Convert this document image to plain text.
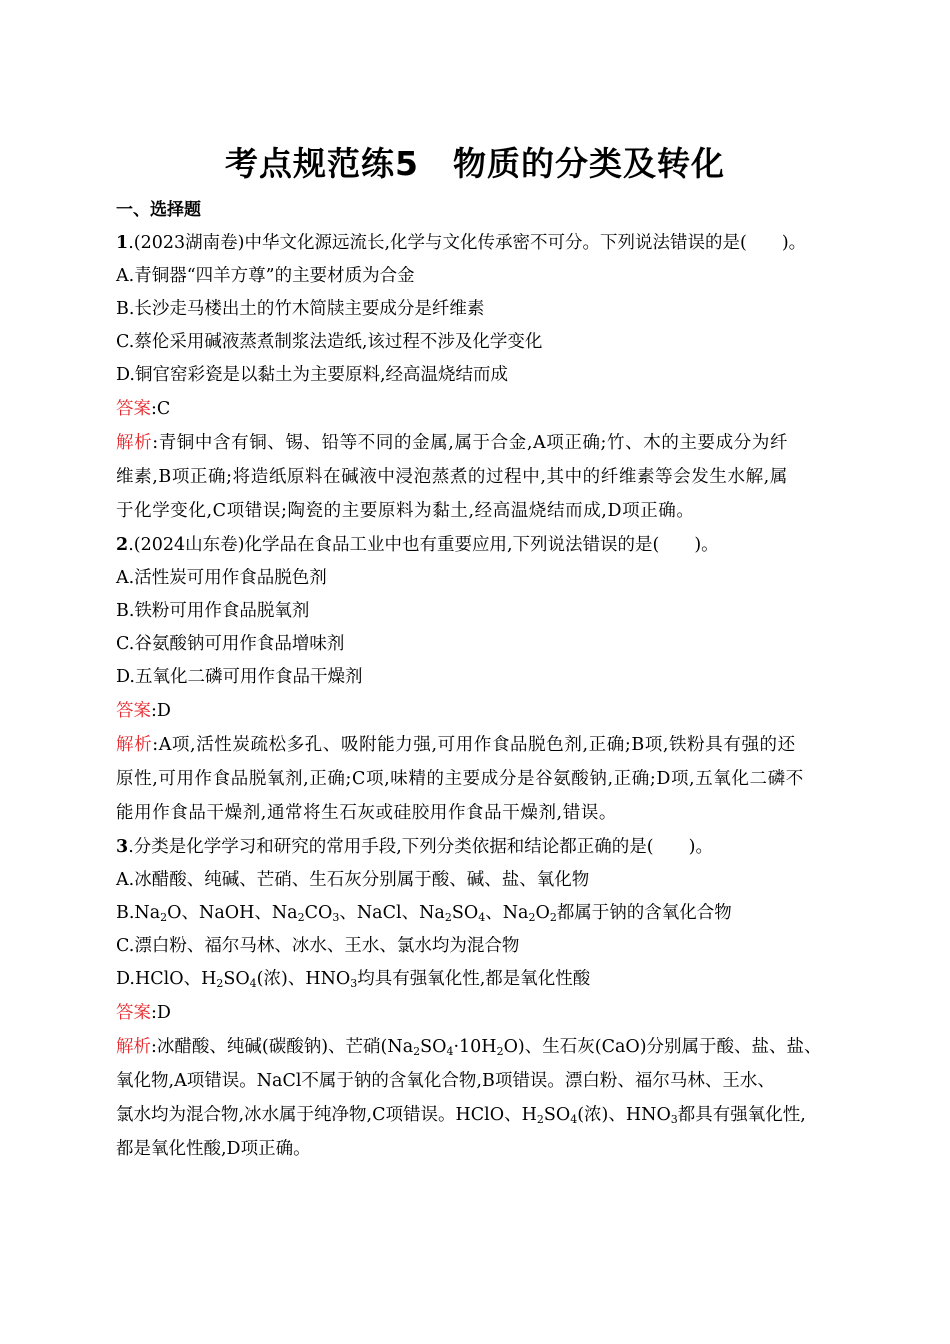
考点规范练5　物质的分类及转化
一、选择题
1.(2023湖南卷)中华文化源远流长,化学与文化传承密不可分。下列说法错误的是(　　)。
A.青铜器“四羊方尊”的主要材质为合金
B.长沙走马楼出土的竹木简牍主要成分是纤维素
C.蔡伦采用碱液蒸煮制浆法造纸,该过程不涉及化学变化
D.铜官窑彩瓷是以黏土为主要原料,经高温烧结而成
答案:C
解析:青铜中含有铜、锡、铅等不同的金属,属于合金,A项正确;竹、木的主要成分为纤
维素,B项正确;将造纸原料在碱液中浸泡蒸煮的过程中,其中的纤维素等会发生水解,属
于化学变化,C项错误;陶瓷的主要原料为黏土,经高温烧结而成,D项正确。
2.(2024山东卷)化学品在食品工业中也有重要应用,下列说法错误的是(　　)。
A.活性炭可用作食品脱色剂
B.铁粉可用作食品脱氧剂
C.谷氨酸钠可用作食品增味剂
D.五氧化二磷可用作食品干燥剂
答案:D
解析:A项,活性炭疏松多孔、吸附能力强,可用作食品脱色剂,正确;B项,铁粉具有强的还
原性,可用作食品脱氧剂,正确;C项,味精的主要成分是谷氨酸钠,正确;D项,五氧化二磷不
能用作食品干燥剂,通常将生石灰或硅胶用作食品干燥剂,错误。
3.分类是化学学习和研究的常用手段,下列分类依据和结论都正确的是(　　)。
A.冰醋酸、纯碱、芒硝、生石灰分别属于酸、碱、盐、氧化物
$B.Na_2O$、NaOH、$Na_2CO_3$、NaCl、$Na_2SO_4$、$Na_2O_2$都属于钠的含氧化合物
C.漂白粉、福尔马林、冰水、王水、氯水均为混合物
D.HClO、$H_2SO_4$(浓)、$HNO_3$均具有强氧化性,都是氧化性酸
答案:D
解析:冰醋酸、纯碱(碳酸钠)、芒硝$(Na_2SO_4\cdot 10H_2O)$、生石灰(CaO)分别属于酸、盐、盐、
氧化物,A项错误。NaCl不属于钠的含氧化合物,B项错误。漂白粉、福尔马林、王水、
氯水均为混合物,冰水属于纯净物,C项错误。HClO、$H_2SO_4$(浓)、$HNO_3$都具有强氧化性,
都是氧化性酸,D项正确。
